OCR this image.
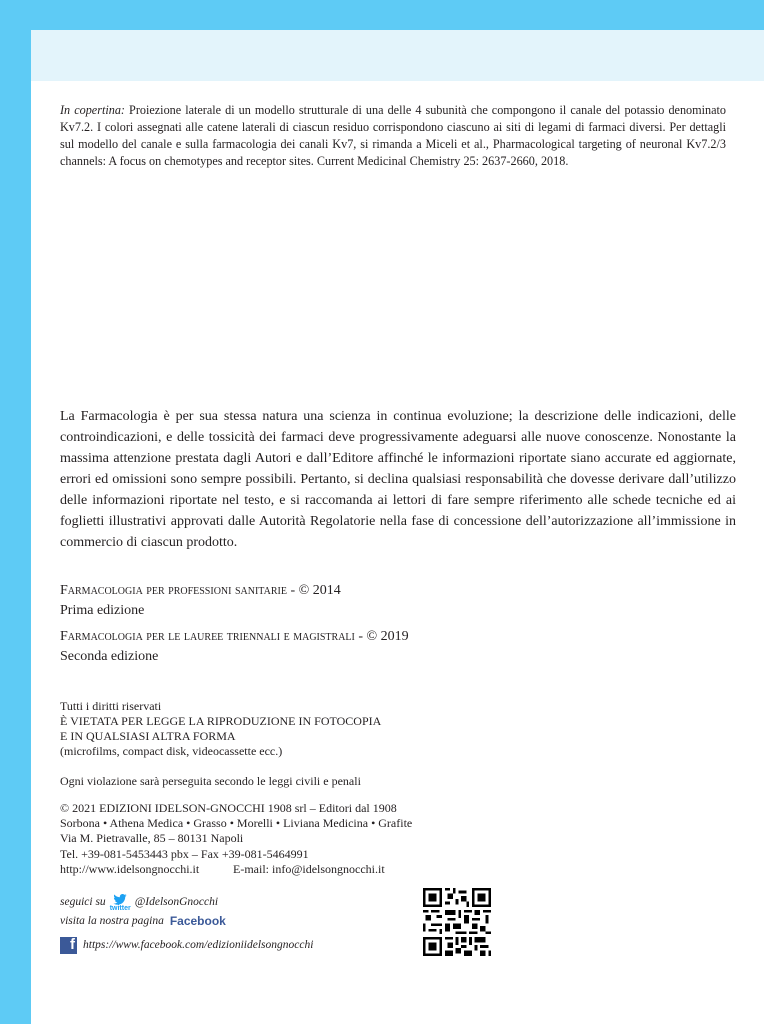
In copertina: Proiezione laterale di un modello strutturale di una delle 4 subunità che compongono il canale del potassio denominato Kv7.2. I colori assegnati alle catene laterali di ciascun residuo corrispondono ciascuno ai siti di legami di farmaci diversi. Per dettagli sul modello del canale e sulla farmacologia dei canali Kv7, si rimanda a Miceli et al., Pharmacological targeting of neuronal Kv7.2/3 channels: A focus on chemotypes and receptor sites. Current Medicinal Chemistry 25: 2637-2660, 2018.

La Farmacologia è per sua stessa natura una scienza in continua evoluzione; la descrizione delle indicazioni, delle controindicazioni, e delle tossicità dei farmaci deve progressivamente adeguarsi alle nuove conoscenze. Nonostante la massima attenzione prestata dagli Autori e dall’Editore affinché le informazioni riportate siano accurate ed aggiornate, errori ed omissioni sono sempre possibili. Pertanto, si declina qualsiasi responsabilità che dovesse derivare dall’utilizzo delle informazioni riportate nel testo, e si raccomanda ai lettori di fare sempre riferimento alle schede tecniche ed ai foglietti illustrativi approvati dalle Autorità Regolatorie nella fase di concessione dell’autorizzazione all’immissione in commercio di ciascun prodotto.

Farmacologia per professioni sanitarie - © 2014
Prima edizione
Farmacologia per le lauree triennali e magistrali - © 2019
Seconda edizione
Tutti i diritti riservati
È VIETATA PER LEGGE LA RIPRODUZIONE IN FOTOCOPIA
E IN QUALSIASI ALTRA FORMA
(microfilms, compact disk, videocassette ecc.)
Ogni violazione sarà perseguita secondo le leggi civili e penali
© 2021 EDIZIONI IDELSON-GNOCCHI 1908 srl – Editori dal 1908
Sorbona • Athena Medica • Grasso • Morelli • Liviana Medicina • Grafite
Via M. Pietravalle, 85 – 80131 Napoli
Tel. +39-081-5453443 pbx – Fax +39-081-5464991
http://www.idelsongnocchi.it	E-mail: info@idelsongnocchi.it
seguici su twitter @IdelsonGnocchi
visita la nostra pagina Facebook
f https://www.facebook.com/edizioniidelsongnocchi
